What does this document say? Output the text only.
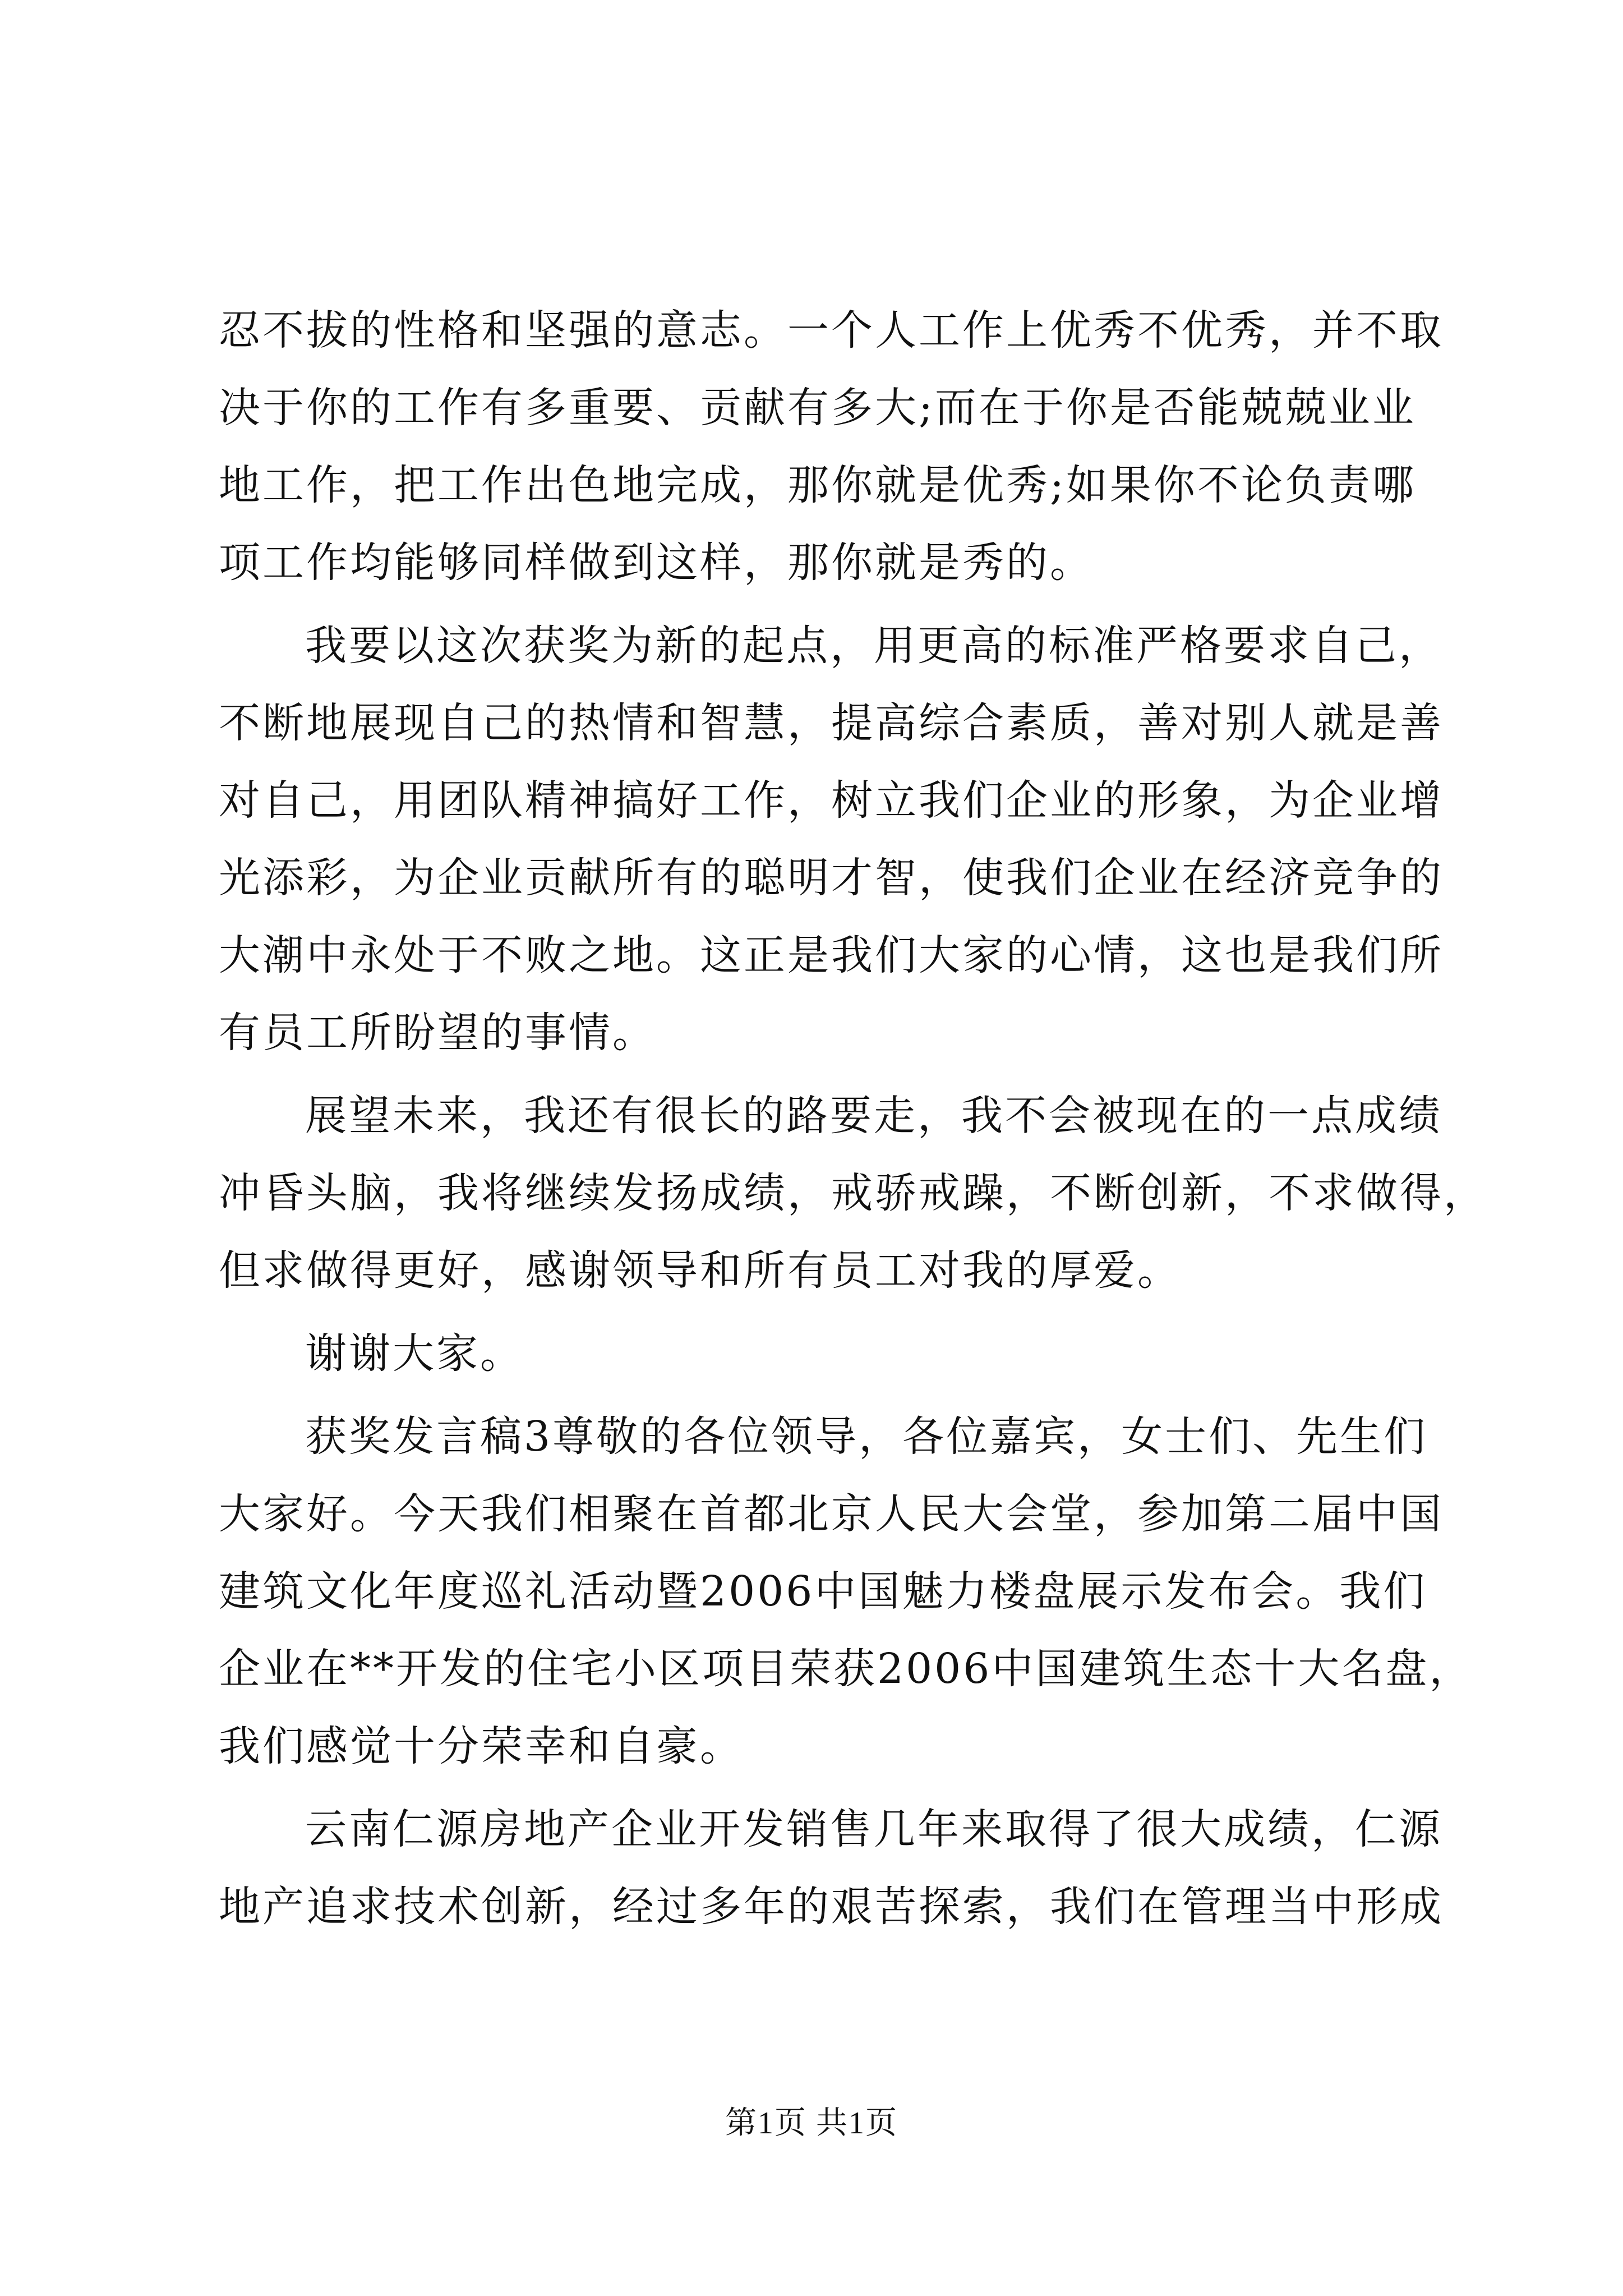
忍不拔的性格和坚强的意志。一个人工作上优秀不优秀，并不取
决于你的工作有多重要、贡献有多大;而在于你是否能兢兢业业
地工作，把工作出色地完成，那你就是优秀;如果你不论负责哪
项工作均能够同样做到这样，那你就是秀的。
我要以这次获奖为新的起点，用更高的标准严格要求自己，
不断地展现自己的热情和智慧，提高综合素质，善对别人就是善
对自己，用团队精神搞好工作，树立我们企业的形象，为企业增
光添彩，为企业贡献所有的聪明才智，使我们企业在经济竞争的
大潮中永处于不败之地。这正是我们大家的心情，这也是我们所
有员工所盼望的事情。
展望未来，我还有很长的路要走，我不会被现在的一点成绩
冲昏头脑，我将继续发扬成绩，戒骄戒躁，不断创新，不求做得，
但求做得更好，感谢领导和所有员工对我的厚爱。
谢谢大家。
获奖发言稿3尊敬的各位领导，各位嘉宾，女士们、先生们
大家好。今天我们相聚在首都北京人民大会堂，参加第二届中国
建筑文化年度巡礼活动暨2006中国魅力楼盘展示发布会。我们
企业在**开发的住宅小区项目荣获2006中国建筑生态十大名盘，
我们感觉十分荣幸和自豪。
云南仁源房地产企业开发销售几年来取得了很大成绩，仁源
地产追求技术创新，经过多年的艰苦探索，我们在管理当中形成
第1页 共1页
